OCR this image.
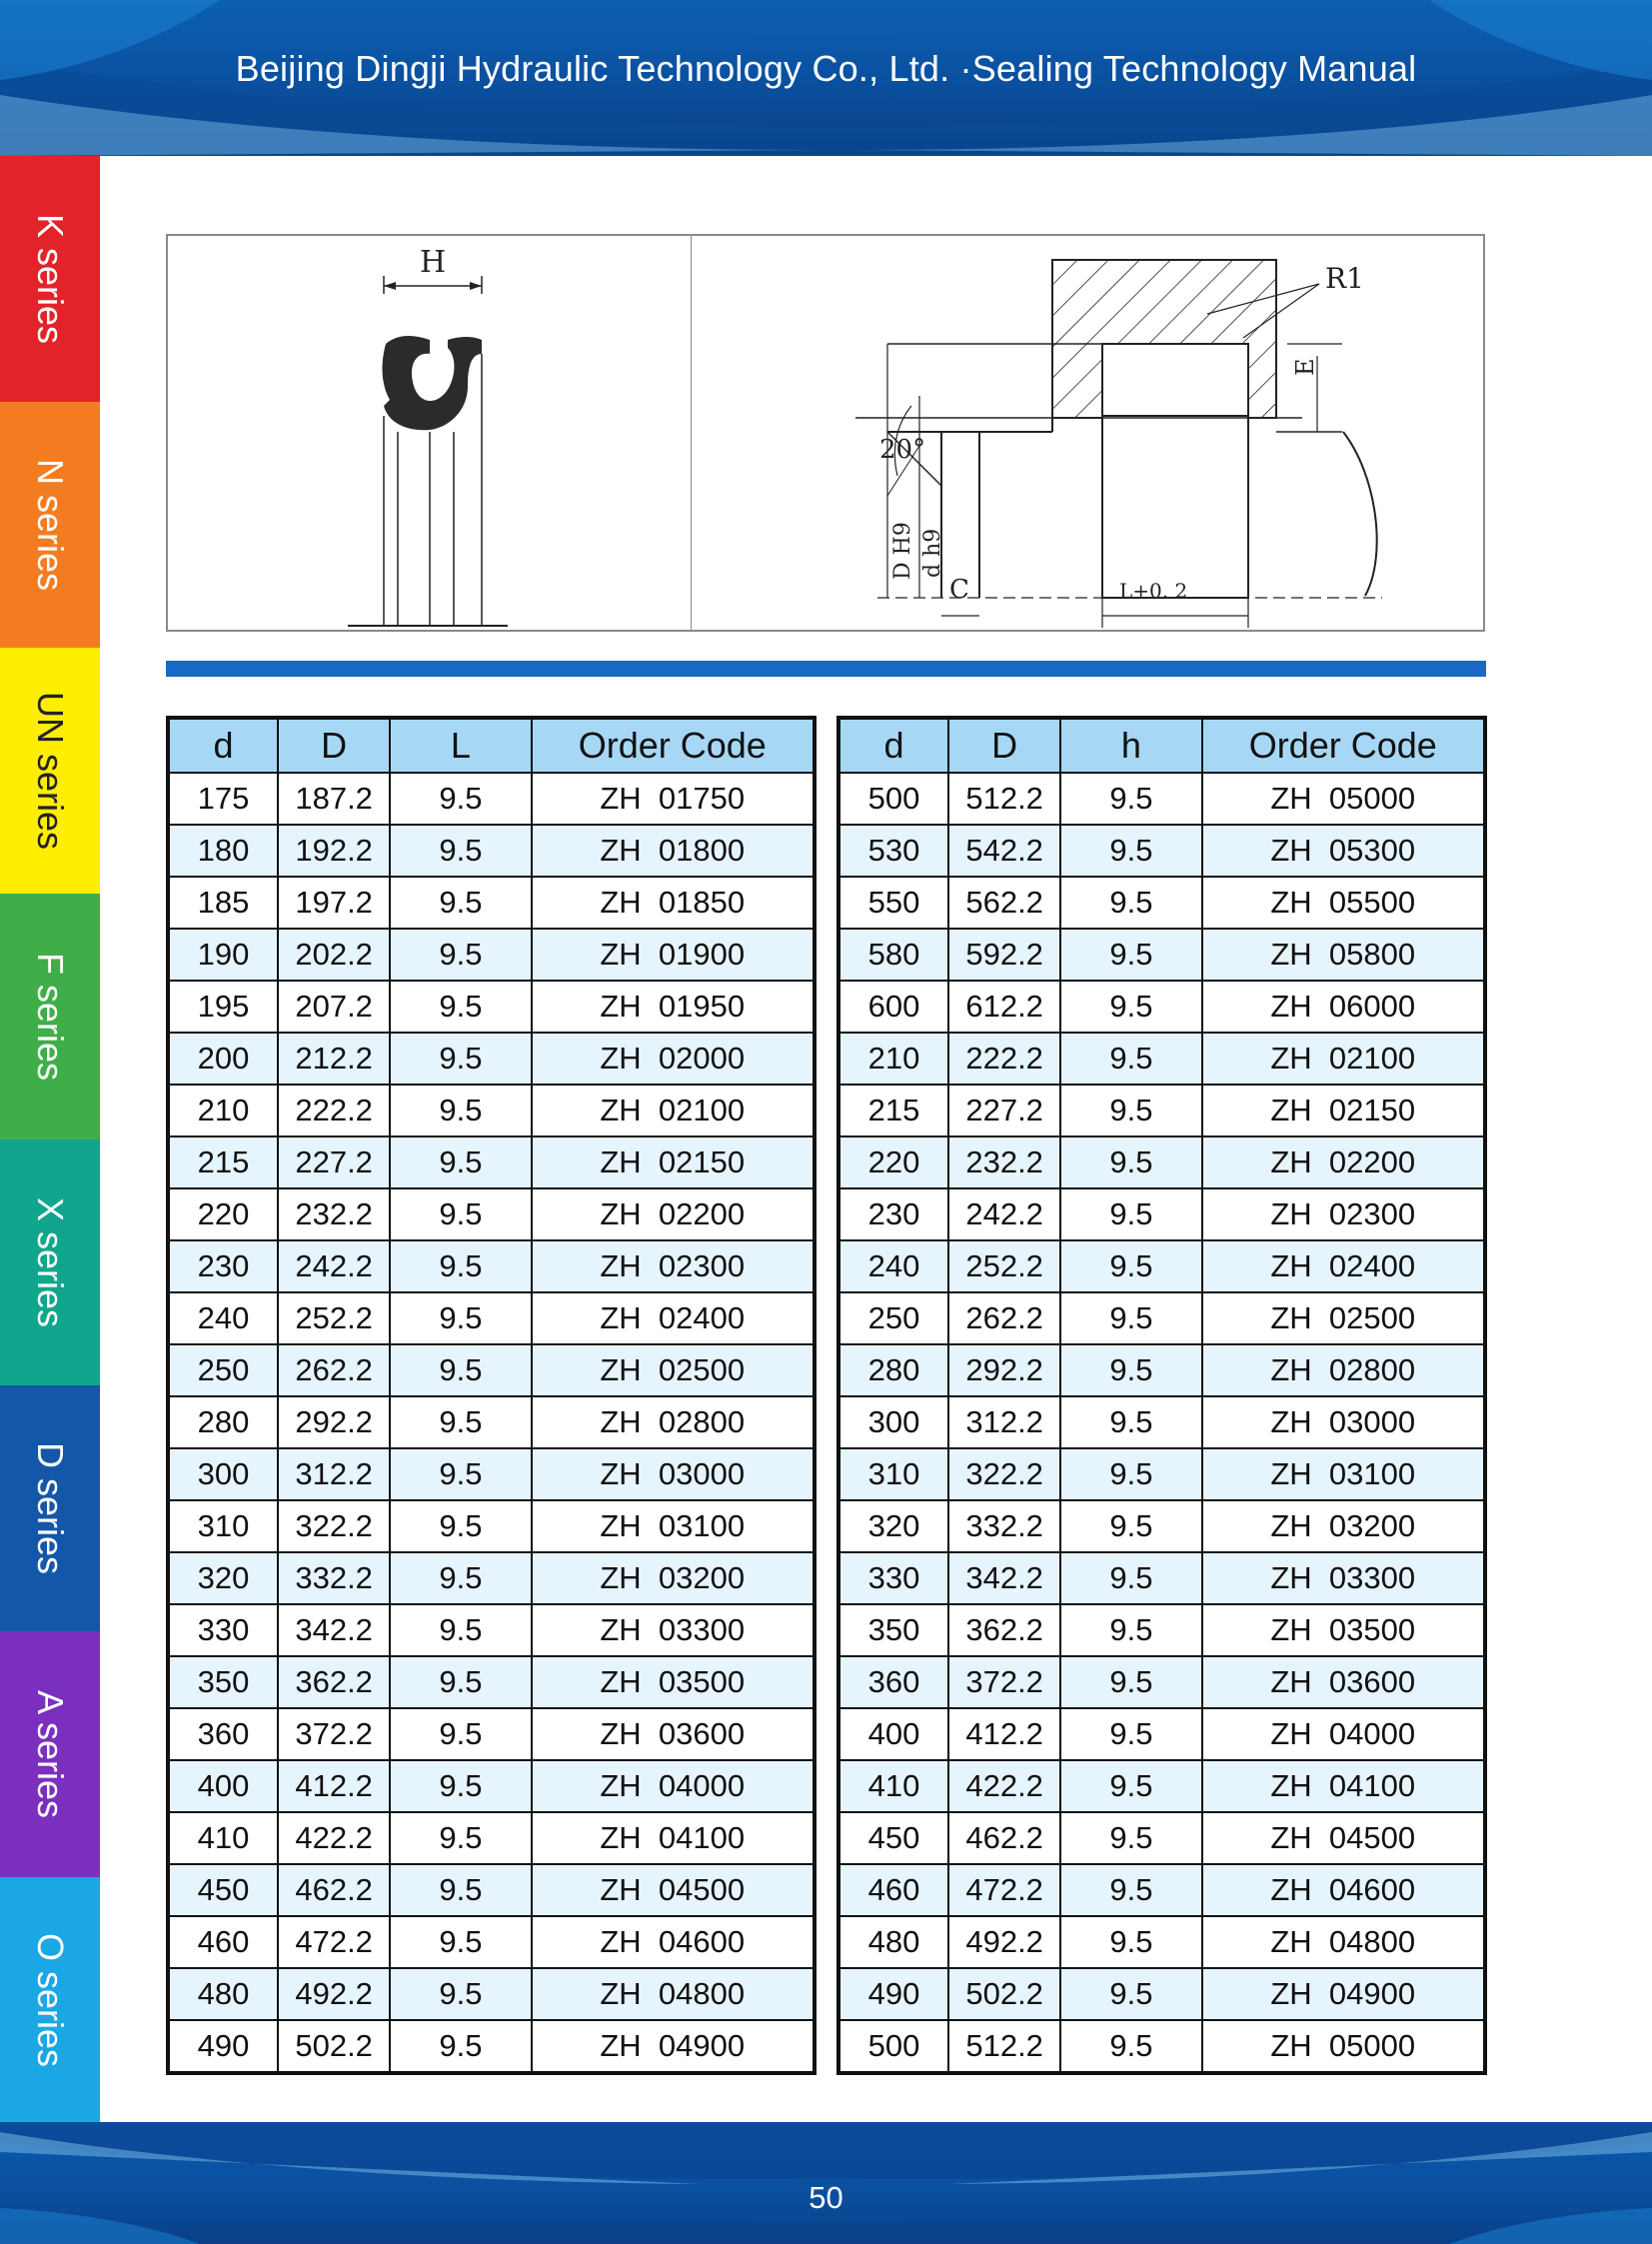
Beijing Dingji Hydraulic Technology Co., Ltd. ·Sealing Technology Manual
K series
N series
UN series
F series
X series
D series
A series
O series
H	R1
E
20°
D H9 d h9
C	L+0. 2
d	D	L	Order Code
175	187.2	9.5	ZH  01750
180	192.2	9.5	ZH  01800
185	197.2	9.5	ZH  01850
190	202.2	9.5	ZH  01900
195	207.2	9.5	ZH  01950
200	212.2	9.5	ZH  02000
210	222.2	9.5	ZH  02100
215	227.2	9.5	ZH  02150
220	232.2	9.5	ZH  02200
230	242.2	9.5	ZH  02300
240	252.2	9.5	ZH  02400
250	262.2	9.5	ZH  02500
280	292.2	9.5	ZH  02800
300	312.2	9.5	ZH  03000
310	322.2	9.5	ZH  03100
320	332.2	9.5	ZH  03200
330	342.2	9.5	ZH  03300
350	362.2	9.5	ZH  03500
360	372.2	9.5	ZH  03600
400	412.2	9.5	ZH  04000
410	422.2	9.5	ZH  04100
450	462.2	9.5	ZH  04500
460	472.2	9.5	ZH  04600
480	492.2	9.5	ZH  04800
490	502.2	9.5	ZH  04900
d	D	h	Order Code
500	512.2	9.5	ZH  05000
530	542.2	9.5	ZH  05300
550	562.2	9.5	ZH  05500
580	592.2	9.5	ZH  05800
600	612.2	9.5	ZH  06000
210	222.2	9.5	ZH  02100
215	227.2	9.5	ZH  02150
220	232.2	9.5	ZH  02200
230	242.2	9.5	ZH  02300
240	252.2	9.5	ZH  02400
250	262.2	9.5	ZH  02500
280	292.2	9.5	ZH  02800
300	312.2	9.5	ZH  03000
310	322.2	9.5	ZH  03100
320	332.2	9.5	ZH  03200
330	342.2	9.5	ZH  03300
350	362.2	9.5	ZH  03500
360	372.2	9.5	ZH  03600
400	412.2	9.5	ZH  04000
410	422.2	9.5	ZH  04100
450	462.2	9.5	ZH  04500
460	472.2	9.5	ZH  04600
480	492.2	9.5	ZH  04800
490	502.2	9.5	ZH  04900
500	512.2	9.5	ZH  05000
50
